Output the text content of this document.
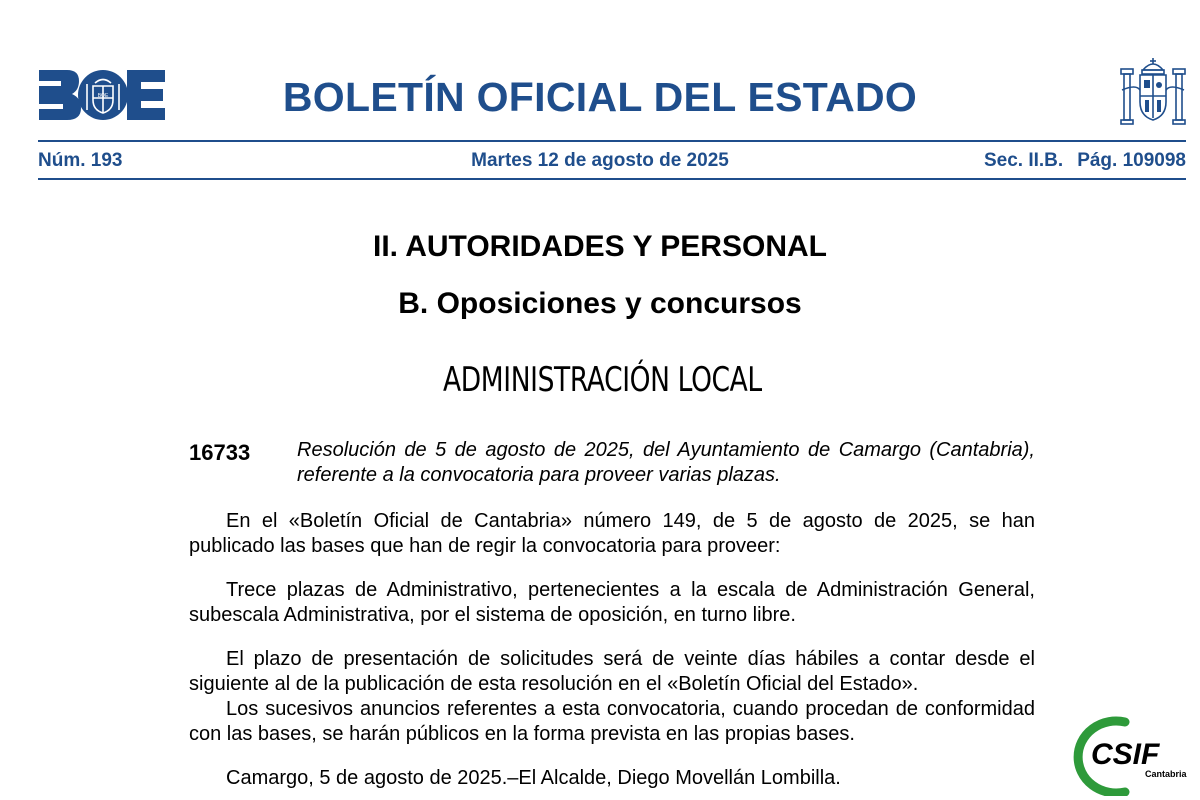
BOE	BOLETÍN OFICIAL DEL ESTADO
Núm. 193	Martes 12 de agosto de 2025	Sec. II.B. Pág. 109098
II. AUTORIDADES Y PERSONAL
B. Oposiciones y concursos
ADMINISTRACIÓN LOCAL
16733 Resolución de 5 de agosto de 2025, del Ayuntamiento de Camargo (Cantabria), referente a la convocatoria para proveer varias plazas.

En el «Boletín Oficial de Cantabria» número 149, de 5 de agosto de 2025, se han publicado las bases que han de regir la convocatoria para proveer:

Trece plazas de Administrativo, pertenecientes a la escala de Administración General, subescala Administrativa, por el sistema de oposición, en turno libre.

El plazo de presentación de solicitudes será de veinte días hábiles a contar desde el siguiente al de la publicación de esta resolución en el «Boletín Oficial del Estado».

Los sucesivos anuncios referentes a esta convocatoria, cuando procedan de conformidad con las bases, se harán públicos en la forma prevista en las propias bases.

Camargo, 5 de agosto de 2025.–El Alcalde, Diego Movellán Lombilla.

CSIF
Cantabria
